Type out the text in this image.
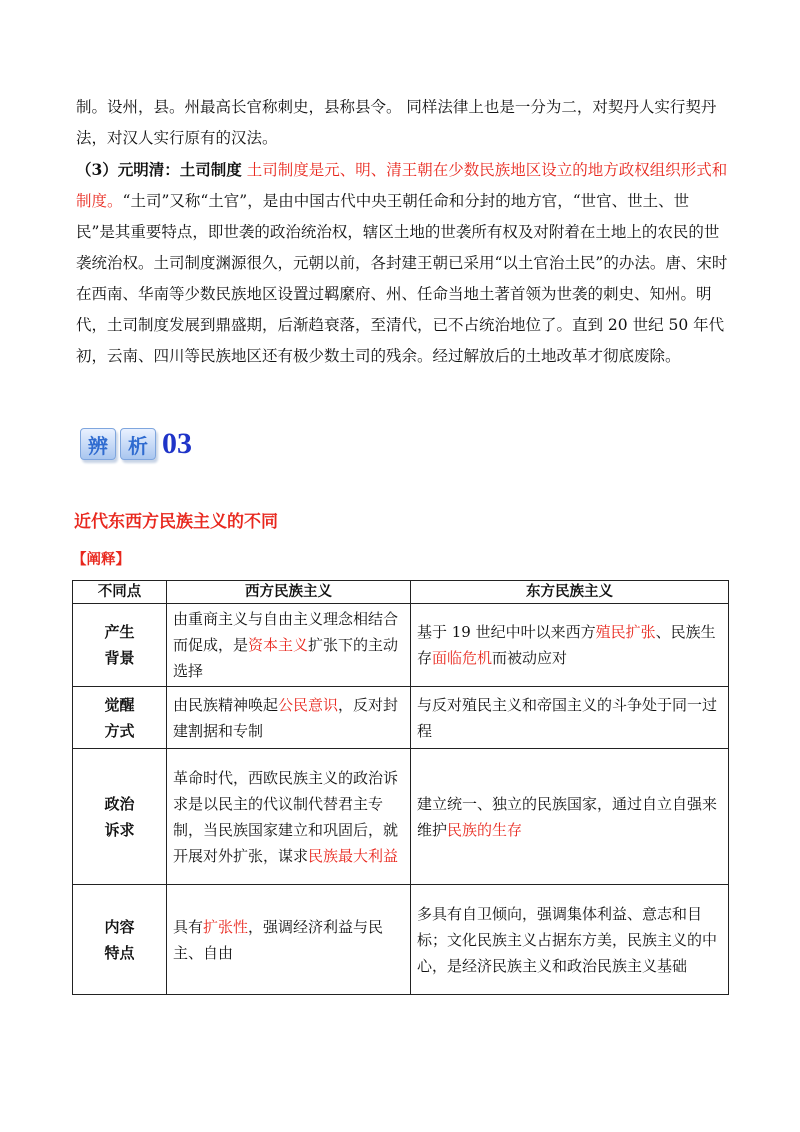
制。设州，县。州最高长官称刺史，县称县令。 同样法律上也是一分为二，对契丹人实行契丹法，对汉人实行原有的汉法。

（3）元明清：土司制度 土司制度是元、明、清王朝在少数民族地区设立的地方政权组织形式和制度。“土司”又称“土官”，是由中国古代中央王朝任命和分封的地方官，“世官、世土、世民”是其重要特点，即世袭的政治统治权，辖区土地的世袭所有权及对附着在土地上的农民的世袭统治权。土司制度渊源很久，元朝以前，各封建王朝已采用“以土官治土民”的办法。唐、宋时在西南、华南等少数民族地区设置过羁縻府、州、任命当地土著首领为世袭的刺史、知州。明代，土司制度发展到鼎盛期，后渐趋衰落，至清代，已不占统治地位了。直到 20 世纪 50 年代初，云南、四川等民族地区还有极少数土司的残余。经过解放后的土地改革才彻底废除。

辨	析 03
近代东西方民族主义的不同
【阐释】
不同点	西方民族主义	东方民族主义
产生
背景	由重商主义与自由主义理念相结合而促成，是资本主义扩张下的主动选择	基于 19 世纪中叶以来西方殖民扩张、民族生存面临危机而被动应对
觉醒
方式	由民族精神唤起公民意识，反对封建割据和专制	与反对殖民主义和帝国主义的斗争处于同一过程
政治
诉求	革命时代，西欧民族主义的政治诉求是以民主的代议制代替君主专制，当民族国家建立和巩固后，就开展对外扩张，谋求民族最大利益	建立统一、独立的民族国家，通过自立自强来维护民族的生存
内容
特点	具有扩张性，强调经济利益与民主、自由	多具有自卫倾向，强调集体利益、意志和目标；文化民族主义占据东方美，民族主义的中心，是经济民族主义和政治民族主义基础
